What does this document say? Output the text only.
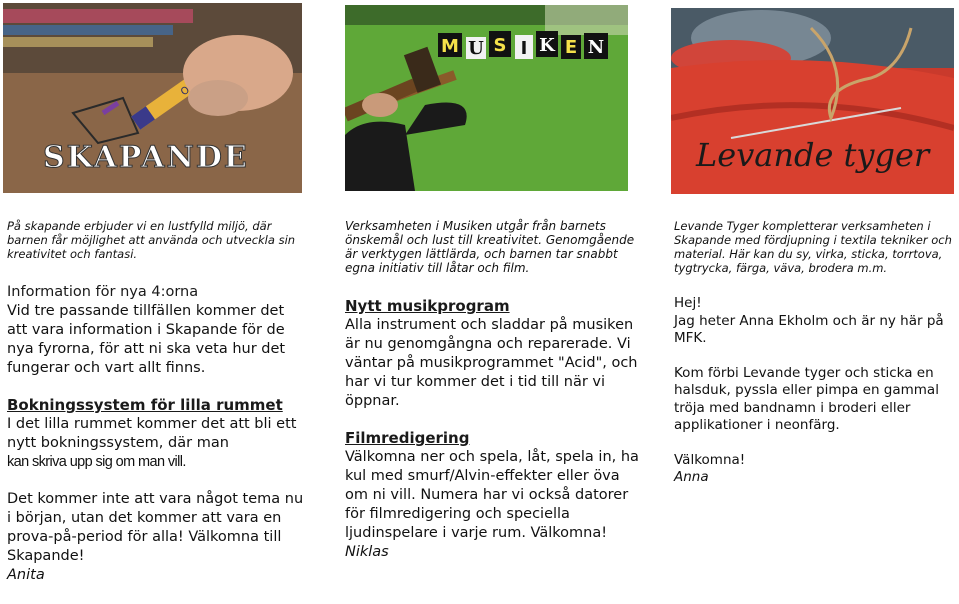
Oil
SKAPANDE
M U S I K E N
Levande tyger

På skapande erbjuder vi en lustfylld miljö, där barnen får möjlighet att använda och utveckla sin kreativitet och fantasi.

Information för nya 4:orna

Vid tre passande tillfällen kommer det att vara information i Skapande för de nya fyrorna, för att ni ska veta hur det fungerar och vart allt finns.

Bokningssystem för lilla rummet

I det lilla rummet kommer det att bli ett nytt bokningssystem, där man

kan skriva upp sig om man vill.

Det kommer inte att vara något tema nu i början, utan det kommer att vara en prova-på-period för alla! Välkomna till Skapande!

Anita

Verksamheten i Musiken utgår från barnets önskemål och lust till kreativitet. Genomgående är verktygen lättlärda, och barnen tar snabbt egna initiativ till låtar och film.

Nytt musikprogram

Alla instrument och sladdar på musiken är nu genomgångna och reparerade. Vi väntar på musikprogrammet "Acid", och har vi tur kommer det i tid till när vi öppnar.

Filmredigering

Välkomna ner och spela, låt, spela in, ha kul med smurf/Alvin-effekter eller öva om ni vill. Numera har vi också datorer för filmredigering och speciella ljudinspelare i varje rum. Välkomna!

Niklas

Levande Tyger kompletterar verksamheten i Skapande med fördjupning i textila tekniker och material. Här kan du sy, virka, sticka, torrtova, tygtrycka, färga, väva, brodera m.m.

Hej!

Jag heter Anna Ekholm och är ny här på MFK.

Kom förbi Levande tyger och sticka en halsduk, pyssla eller pimpa en gammal tröja med bandnamn i broderi eller applikationer i neonfärg.

Välkomna!

Anna
